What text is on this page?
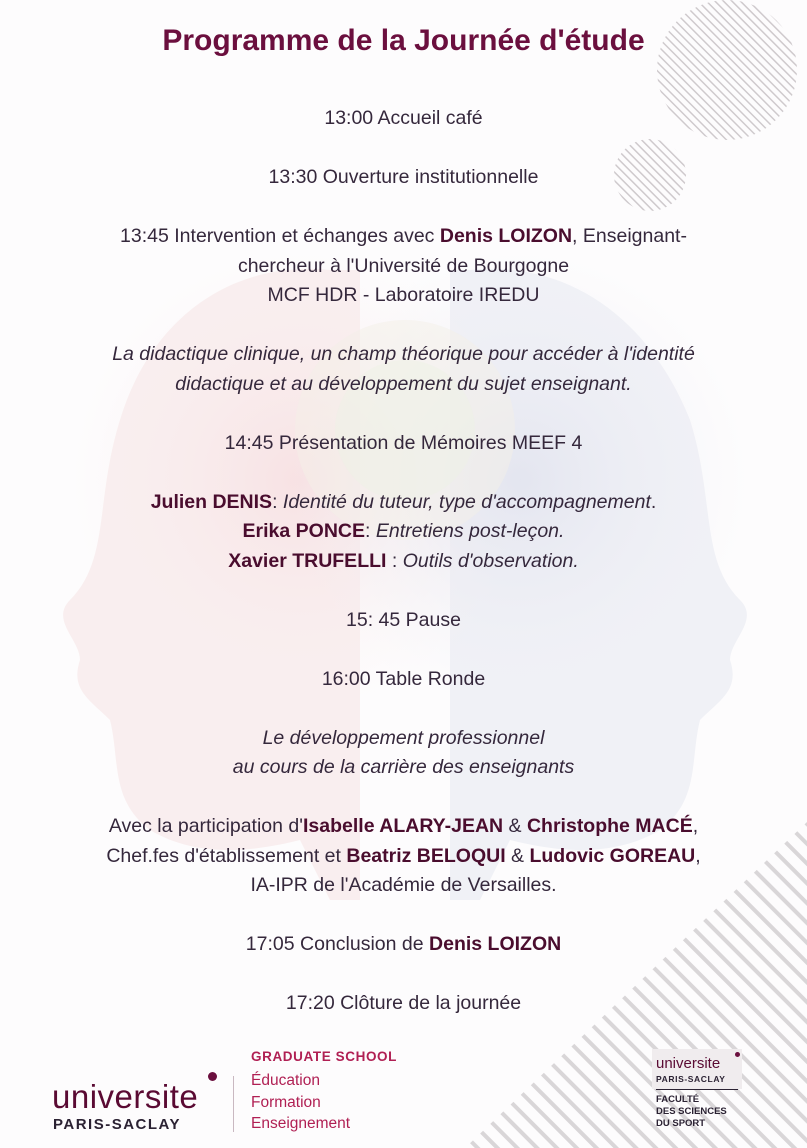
Programme de la Journée d'étude
13:00 Accueil café
13:30 Ouverture institutionnelle
13:45 Intervention et échanges avec Denis LOIZON, Enseignant-
chercheur à l'Université de Bourgogne
MCF HDR - Laboratoire IREDU
La didactique clinique, un champ théorique pour accéder à l'identité
didactique et au développement du sujet enseignant.
14:45 Présentation de Mémoires MEEF 4
Julien DENIS: Identité du tuteur, type d'accompagnement.
Erika PONCE: Entretiens post-leçon.
Xavier TRUFELLI : Outils d'observation.
15: 45 Pause
16:00 Table Ronde
Le développement professionnel
au cours de la carrière des enseignants
Avec la participation d'Isabelle ALARY-JEAN & Christophe MACÉ,
Chef.fes d'établissement et Beatriz BELOQUI & Ludovic GOREAU,
IA-IPR de l'Académie de Versailles.
17:05 Conclusion de Denis LOIZON
17:20 Clôture de la journée
universite
PARIS-SACLAY
GRADUATE SCHOOL
Éducation
Formation
Enseignement
universite
PARIS-SACLAY
FACULTÉ
DES SCIENCES
DU SPORT
